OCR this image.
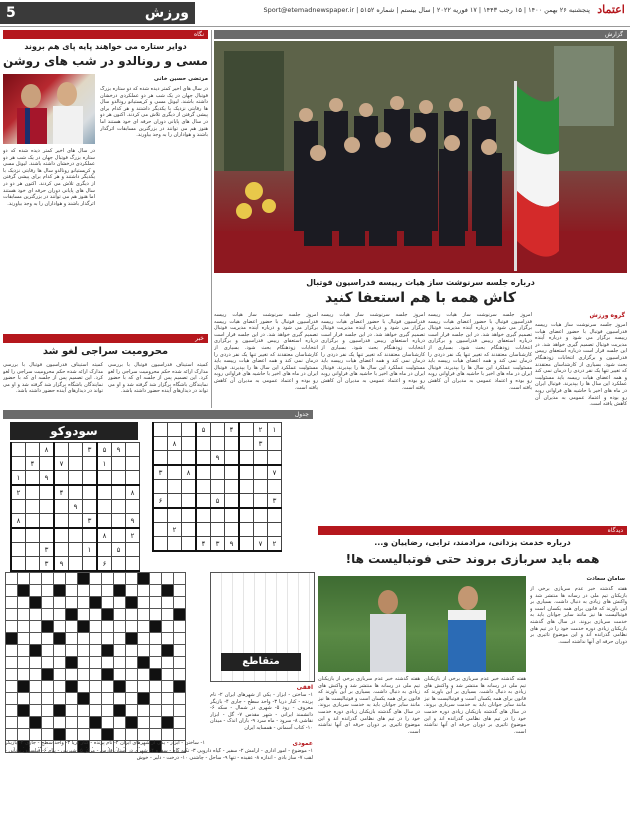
ورزش
5	پنجشنبه ۲۶ بهمن ۱۴۰۰ | ۱۵ رجب ۱۴۴۳ | ۱۷ فوریه ۲۰۲۲ | سال بیستم | شماره ۵۱۵۲ | Sport@etemadnewspaper.ir اعتماد
نگاه
دوایر ستاره می خواهند پایه پای هم بروند
مسی و رونالدو در شب های روشن
مرتضی حسین خانی
در سال های اخیر کمتر دیده شده که دو ستاره بزرگ فوتبال جهان در یک شب هر دو عملکردی درخشان داشته باشند. لیونل مسی و کریستیانو رونالدو سال ها رقابتی نزدیک با یکدیگر داشتند و هر کدام برای پیشی گرفتن از دیگری تلاش می کردند. اکنون هر دو در سال های پایانی دوران حرفه ای خود هستند اما هنوز هم می توانند در بزرگترین مسابقات اثرگذار باشند و هواداران را به وجد بیاورند.
در سال های اخیر کمتر دیده شده که دو ستاره بزرگ فوتبال جهان در یک شب هر دو عملکردی درخشان داشته باشند. لیونل مسی و کریستیانو رونالدو سال ها رقابتی نزدیک با یکدیگر داشتند و هر کدام برای پیشی گرفتن از دیگری تلاش می کردند. اکنون هر دو در سال های پایانی دوران حرفه ای خود هستند اما هنوز هم می توانند در بزرگترین مسابقات اثرگذار باشند و هواداران را به وجد بیاورند.
خبر
محرومیت سراجی لغو شد
کمیته استیناف فدراسیون فوتبال با بررسی مدارک ارائه شده حکم محرومیت سراجی را لغو کرد. این تصمیم پس از جلسه ای که با حضور نمایندگان باشگاه برگزار شد گرفته شد و او می تواند در دیدارهای آینده حضور داشته باشد.
کمیته استیناف فدراسیون فوتبال با بررسی مدارک ارائه شده حکم محرومیت سراجی را لغو کرد. این تصمیم پس از جلسه ای که با حضور نمایندگان باشگاه برگزار شد گرفته شد و او می تواند در دیدارهای آینده حضور داشته باشد.
جدول
سودوکو
	۹	۵	۳			۸		
		۱			۷		۴	
						۹		۱
۸					۴			۲
				۹				
۹			۳					۸
۲		۸						
	۵		۱			۳		
		۶			۹	۳		
۱	۲		۴		۵			
	۳						۸	
				۹				
۷						۸		۳

۳				۵				۶

							۲	
۲	۷		۹	۳	۴			

متقاطع
افقی
۱- ساختن - ابزار - یکی از شهرهای ایران ۲- نام پرنده - کنار دریا ۳- واحد سطح - جاری ۴- بازیگر معروف - رود ۵- شهری در شمال - سکه ۶- دانشمند ایرانی - شهر مقدس ۷- گل - ابزار نقاشی ۸- سرود - ماه سرد ۹- باران اندک - میدان ۱۰- کتاب آسمانی - همسایه ایران
عمودی
۱- موضوع - امور اداری - آرامش ۲- سفیر - گیاه دارویی ۳- تکیه گاه - سفره ۴- شهری در استان فارس - مرکز ۵- شیرینی - پیام ۶- فیلسوف یونانی - لقب ۷- ساز بادی - اندازه ۸- عقیده - تنها ۹- ساحل - چاشنی ۱۰- درخت - دلیر - خوش
۱- ساختن - ابزار - یکی از شهرهای ایران ۲- نام پرنده - کنار دریا ۳- واحد سطح - جاری ۴- بازیگر
گزارش
درباره جلسه سرنوشت ساز هیات رییسه فدراسیون فوتبال
کاش همه با هم استعفا کنید
گروه ورزش
امروز جلسه سرنوشت ساز هیات رییسه فدراسیون فوتبال با حضور اعضای هیات رییسه برگزار می شود و درباره آینده مدیریت فوتبال تصمیم گیری خواهد شد. در این جلسه قرار است درباره استعفای رییس فدراسیون و برگزاری انتخابات زودهنگام بحث شود. بسیاری از کارشناسان معتقدند که تغییر تنها یک نفر دردی را درمان نمی کند و همه اعضای هیات رییسه باید مسئولیت عملکرد این سال ها را بپذیرند. فوتبال ایران در ماه های اخیر با حاشیه های فراوانی روبه رو بوده و اعتماد عمومی به مدیران آن کاهش یافته است.
امروز جلسه سرنوشت ساز هیات رییسه فدراسیون فوتبال با حضور اعضای هیات رییسه برگزار می شود و درباره آینده مدیریت فوتبال تصمیم گیری خواهد شد. در این جلسه قرار است درباره استعفای رییس فدراسیون و برگزاری انتخابات زودهنگام بحث شود. بسیاری از کارشناسان معتقدند که تغییر تنها یک نفر دردی را درمان نمی کند و همه اعضای هیات رییسه باید مسئولیت عملکرد این سال ها را بپذیرند. فوتبال ایران در ماه های اخیر با حاشیه های فراوانی روبه رو بوده و اعتماد عمومی به مدیران آن کاهش یافته است.
امروز جلسه سرنوشت ساز هیات رییسه فدراسیون فوتبال با حضور اعضای هیات رییسه برگزار می شود و درباره آینده مدیریت فوتبال تصمیم گیری خواهد شد. در این جلسه قرار است درباره استعفای رییس فدراسیون و برگزاری انتخابات زودهنگام بحث شود. بسیاری از کارشناسان معتقدند که تغییر تنها یک نفر دردی را درمان نمی کند و همه اعضای هیات رییسه باید مسئولیت عملکرد این سال ها را بپذیرند. فوتبال ایران در ماه های اخیر با حاشیه های فراوانی روبه رو بوده و اعتماد عمومی به مدیران آن کاهش یافته است.
امروز جلسه سرنوشت ساز هیات رییسه فدراسیون فوتبال با حضور اعضای هیات رییسه برگزار می شود و درباره آینده مدیریت فوتبال تصمیم گیری خواهد شد. در این جلسه قرار است درباره استعفای رییس فدراسیون و برگزاری انتخابات زودهنگام بحث شود. بسیاری از کارشناسان معتقدند که تغییر تنها یک نفر دردی را درمان نمی کند و همه اعضای هیات رییسه باید مسئولیت عملکرد این سال ها را بپذیرند. فوتبال ایران در ماه های اخیر با حاشیه های فراوانی روبه رو بوده و اعتماد عمومی به مدیران آن کاهش یافته است.
دیدگاه
درباره خدمت یزدانی، مرادمند، ترابی، رضاییان و...
همه باید سربازی بروند حتی فوتبالیست ها!
سامان سعادت
هفته گذشته خبر عدم سربازی برخی از بازیکنان تیم ملی در رسانه ها منتشر شد و واکنش های زیادی به دنبال داشت. بسیاری بر این باورند که قانون برای همه یکسان است و فوتبالیست ها نیز مانند سایر جوانان باید به خدمت سربازی بروند. در سال های گذشته بازیکنان زیادی دوره خدمت خود را در تیم های نظامی گذرانده اند و این موضوع تاثیری بر دوران حرفه ای آنها نداشته است.
هفته گذشته خبر عدم سربازی برخی از بازیکنان تیم ملی در رسانه ها منتشر شد و واکنش های زیادی به دنبال داشت. بسیاری بر این باورند که قانون برای همه یکسان است و فوتبالیست ها نیز مانند سایر جوانان باید به خدمت سربازی بروند. در سال های گذشته بازیکنان زیادی دوره خدمت خود را در تیم های نظامی گذرانده اند و این موضوع تاثیری بر دوران حرفه ای آنها نداشته است.
هفته گذشته خبر عدم سربازی برخی از بازیکنان تیم ملی در رسانه ها منتشر شد و واکنش های زیادی به دنبال داشت. بسیاری بر این باورند که قانون برای همه یکسان است و فوتبالیست ها نیز مانند سایر جوانان باید به خدمت سربازی بروند. در سال های گذشته بازیکنان زیادی دوره خدمت خود را در تیم های نظامی گذرانده اند و این موضوع تاثیری بر دوران حرفه ای آنها نداشته است.
